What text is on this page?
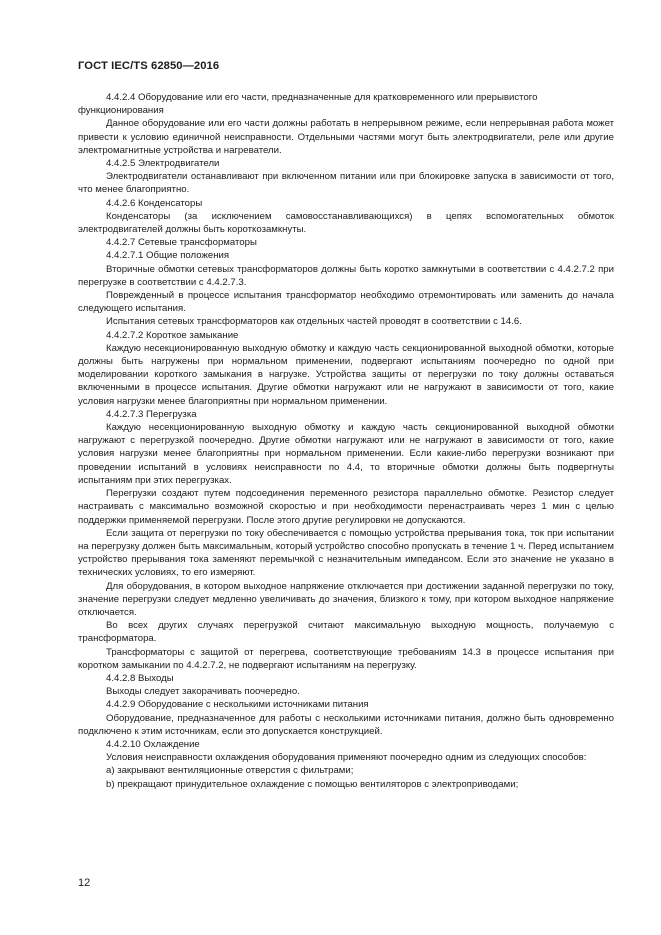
ГОСТ IEC/TS 62850—2016

4.4.2.4 Оборудование или его части, предназначенные для кратковременного или прерывистого функционирования

Данное оборудование или его части должны работать в непрерывном режиме, если непрерывная работа может привести к условию единичной неисправности. Отдельными частями могут быть электродвигатели, реле или другие электромагнитные устройства и нагреватели.

4.4.2.5 Электродвигатели

Электродвигатели останавливают при включенном питании или при блокировке запуска в зависимости от того, что менее благоприятно.

4.4.2.6 Конденсаторы

Конденсаторы (за исключением самовосстанавливающихся) в цепях вспомогательных обмоток электродвигателей должны быть короткозамкнуты.

4.4.2.7 Сетевые трансформаторы

4.4.2.7.1 Общие положения

Вторичные обмотки сетевых трансформаторов должны быть коротко замкнутыми в соответствии с 4.4.2.7.2 при перегрузке в соответствии с 4.4.2.7.3.

Поврежденный в процессе испытания трансформатор необходимо отремонтировать или заменить до начала следующего испытания.

Испытания сетевых трансформаторов как отдельных частей проводят в соответствии с 14.6.

4.4.2.7.2 Короткое замыкание

Каждую несекционированную выходную обмотку и каждую часть секционированной выходной обмотки, которые должны быть нагружены при нормальном применении, подвергают испытаниям поочередно по одной при моделировании короткого замыкания в нагрузке. Устройства защиты от перегрузки по току должны оставаться включенными в процессе испытания. Другие обмотки нагружают или не нагружают в зависимости от того, какие условия нагрузки менее благоприятны при нормальном применении.

4.4.2.7.3 Перегрузка

Каждую несекционированную выходную обмотку и каждую часть секционированной выходной обмотки нагружают с перегрузкой поочередно. Другие обмотки нагружают или не нагружают в зависимости от того, какие условия нагрузки менее благоприятны при нормальном применении. Если какие-либо перегрузки возникают при проведении испытаний в условиях неисправности по 4.4, то вторичные обмотки должны быть подвергнуты испытаниям при этих перегрузках.

Перегрузки создают путем подсоединения переменного резистора параллельно обмотке. Резистор следует настраивать с максимально возможной скоростью и при необходимости перенастраивать через 1 мин с целью поддержки применяемой перегрузки. После этого другие регулировки не допускаются.

Если защита от перегрузки по току обеспечивается с помощью устройства прерывания тока, ток при испытании на перегрузку должен быть максимальным, который устройство способно пропускать в течение 1 ч. Перед испытанием устройство прерывания тока заменяют перемычкой с незначительным импедансом. Если это значение не указано в технических условиях, то его измеряют.

Для оборудования, в котором выходное напряжение отключается при достижении заданной перегрузки по току, значение перегрузки следует медленно увеличивать до значения, близкого к тому, при котором выходное напряжение отключается.

Во всех других случаях перегрузкой считают максимальную выходную мощность, получаемую с трансформатора.

Трансформаторы с защитой от перегрева, соответствующие требованиям 14.3 в процессе испытания при коротком замыкании по 4.4.2.7.2, не подвергают испытаниям на перегрузку.

4.4.2.8 Выходы

Выходы следует закорачивать поочередно.

4.4.2.9 Оборудование с несколькими источниками питания

Оборудование, предназначенное для работы с несколькими источниками питания, должно быть одновременно подключено к этим источникам, если это допускается конструкцией.

4.4.2.10 Охлаждение

Условия неисправности охлаждения оборудования применяют поочередно одним из следующих способов:

a) закрывают вентиляционные отверстия с фильтрами;

b) прекращают принудительное охлаждение с помощью вентиляторов с электроприводами;

12
